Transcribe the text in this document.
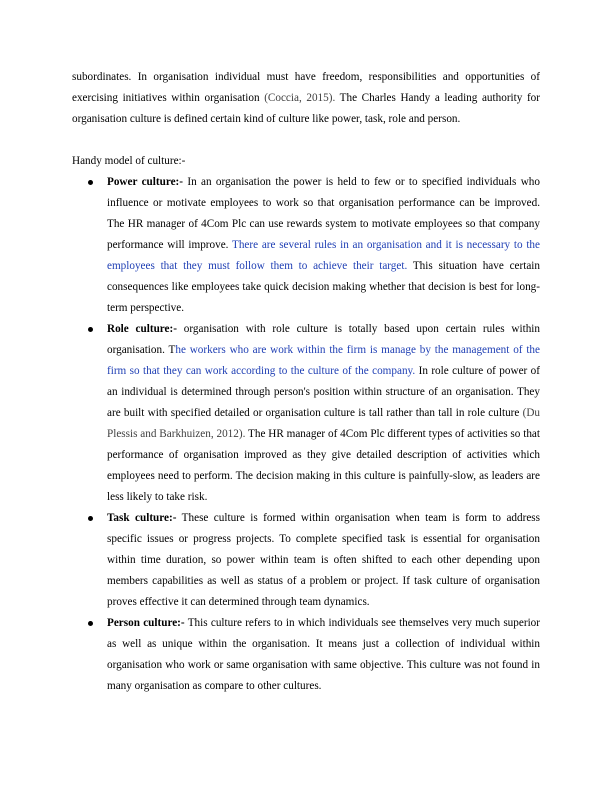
subordinates. In organisation individual must have freedom, responsibilities and opportunities of exercising initiatives within organisation (Coccia, 2015). The Charles Handy a leading authority for organisation culture is defined certain kind of culture like power, task, role and person.

Handy model of culture:-

Power culture:- In an organisation the power is held to few or to specified individuals who influence or motivate employees to work so that organisation performance can be improved. The HR manager of 4Com Plc can use rewards system to motivate employees so that company performance will improve. There are several rules in an organisation and it is necessary to the employees that they must follow them to achieve their target. This situation have certain consequences like employees take quick decision making whether that decision is best for long-term perspective.
Role culture:- organisation with role culture is totally based upon certain rules within organisation. The workers who are work within the firm is manage by the management of the firm so that they can work according to the culture of the company. In role culture of power of an individual is determined through person's position within structure of an organisation. They are built with specified detailed or organisation culture is tall rather than tall in role culture (Du Plessis and Barkhuizen, 2012). The HR manager of 4Com Plc different types of activities so that performance of organisation improved as they give detailed description of activities which employees need to perform. The decision making in this culture is painfully-slow, as leaders are less likely to take risk.
Task culture:- These culture is formed within organisation when team is form to address specific issues or progress projects. To complete specified task is essential for organisation within time duration, so power within team is often shifted to each other depending upon members capabilities as well as status of a problem or project. If task culture of organisation proves effective it can determined through team dynamics.
Person culture:- This culture refers to in which individuals see themselves very much superior as well as unique within the organisation. It means just a collection of individual within organisation who work or same organisation with same objective. This culture was not found in many organisation as compare to other cultures.
